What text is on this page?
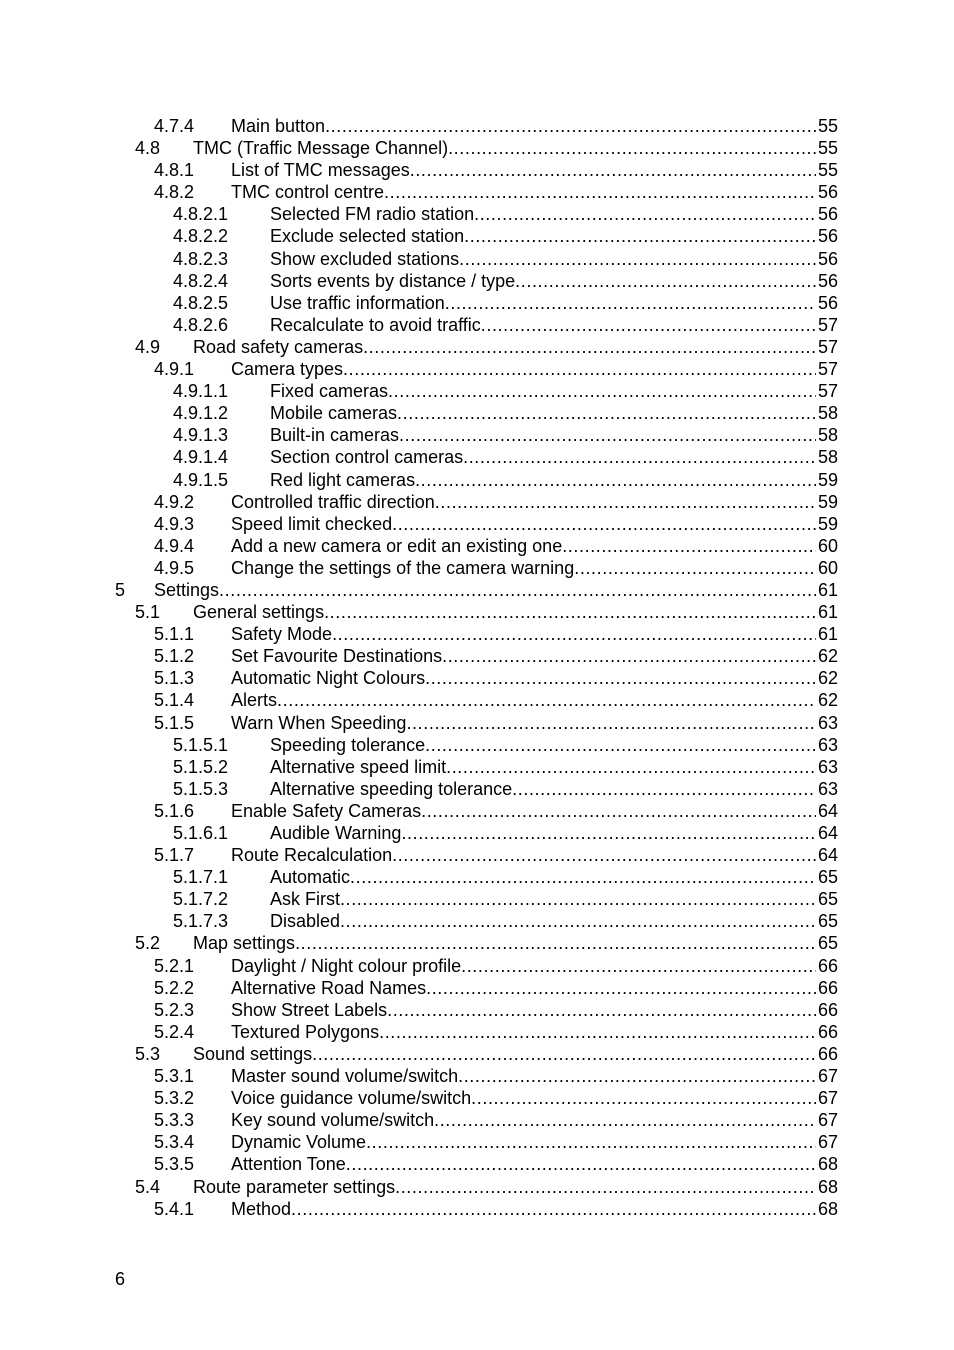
4.7.4 Main button .....	55
4.8 TMC (Traffic Message Channel) .....	55
4.8.1 List of TMC messages .....	55
4.8.2 TMC control centre .....	56
4.8.2.1 Selected FM radio station .....	56
4.8.2.2 Exclude selected station .....	56
4.8.2.3 Show excluded stations .....	56
4.8.2.4 Sorts events by distance / type .....	56
4.8.2.5 Use traffic information .....	56
4.8.2.6 Recalculate to avoid traffic .....	57
4.9 Road safety cameras .....	57
4.9.1 Camera types .....	57
4.9.1.1 Fixed cameras .....	57
4.9.1.2 Mobile cameras .....	58
4.9.1.3 Built-in cameras .....	58
4.9.1.4 Section control cameras .....	58
4.9.1.5 Red light cameras .....	59
4.9.2 Controlled traffic direction .....	59
4.9.3 Speed limit checked .....	59
4.9.4 Add a new camera or edit an existing one .....	60
4.9.5 Change the settings of the camera warning .....	60
5 Settings .....	61
5.1 General settings .....	61
5.1.1 Safety Mode .....	61
5.1.2 Set Favourite Destinations .....	62
5.1.3 Automatic Night Colours .....	62
5.1.4 Alerts .....	62
5.1.5 Warn When Speeding .....	63
5.1.5.1 Speeding tolerance .....	63
5.1.5.2 Alternative speed limit .....	63
5.1.5.3 Alternative speeding tolerance .....	63
5.1.6 Enable Safety Cameras .....	64
5.1.6.1 Audible Warning .....	64
5.1.7 Route Recalculation .....	64
5.1.7.1 Automatic .....	65
5.1.7.2 Ask First .....	65
5.1.7.3 Disabled .....	65
5.2 Map settings .....	65
5.2.1 Daylight / Night colour profile .....	66
5.2.2 Alternative Road Names .....	66
5.2.3 Show Street Labels .....	66
5.2.4 Textured Polygons .....	66
5.3 Sound settings .....	66
5.3.1 Master sound volume/switch .....	67
5.3.2 Voice guidance volume/switch .....	67
5.3.3 Key sound volume/switch .....	67
5.3.4 Dynamic Volume .....	67
5.3.5 Attention Tone .....	68
5.4 Route parameter settings .....	68
5.4.1 Method .....	68
6
